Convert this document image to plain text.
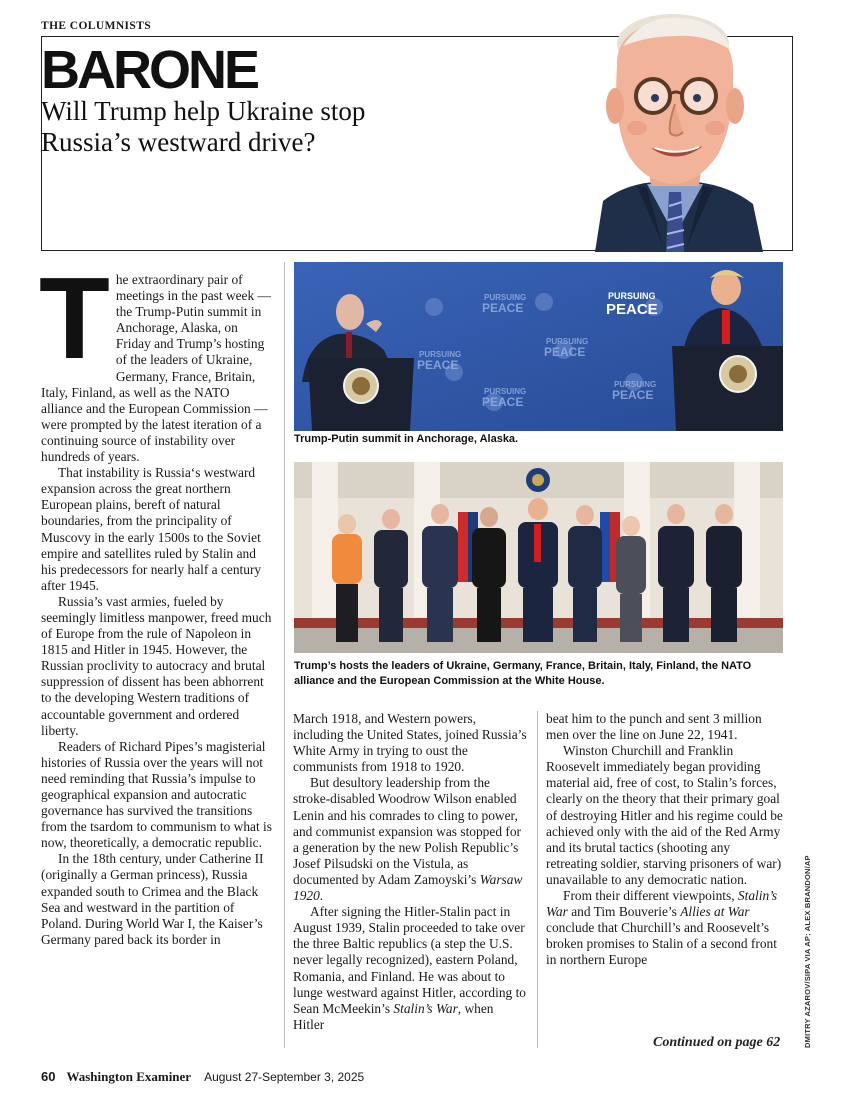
THE COLUMNISTS
BARONE
Will Trump help Ukraine stop Russia’s westward drive?
T he extraordinary pair of meetings in the past week — the Trump-Putin summit in Anchorage, Alaska, on Friday and Trump’s hosting of the leaders of Ukraine, Germany, France, Britain, Italy, Finland, as well as the NATO alliance and the European Commission — were prompted by the latest iteration of a continuing source of instability over hundreds of years.

That instability is Russia‘s westward expansion across the great northern European plains, bereft of natural boundaries, from the principality of Muscovy in the early 1500s to the Soviet empire and satellites ruled by Stalin and his predecessors for nearly half a century after 1945.

Russia’s vast armies, fueled by seemingly limitless manpower, freed much of Europe from the rule of Napoleon in 1815 and Hitler in 1945. However, the Russian proclivity to autocracy and brutal suppression of dissent has been abhorrent to the developing Western traditions of accountable government and ordered liberty.

Readers of Richard Pipes’s magisterial histories of Russia over the years will not need reminding that Russia’s impulse to geographical expansion and autocratic governance has survived the transitions from the tsardom to communism to what is now, theoretically, a democratic republic.

In the 18th century, under Catherine II (originally a German princess), Russia expanded south to Crimea and the Black Sea and westward in the partition of Poland. During World War I, the Kaiser’s Germany pared back its border in

PURSUING
PEACE
PURSUING
PEACE
PURSUING
PEACE
PURSUING
PEACE
PURSUING
PEACE
PURSUING
PEACE
Trump-Putin summit in Anchorage, Alaska.
Trump’s hosts the leaders of Ukraine, Germany, France, Britain, Italy, Finland, the NATO alliance and the European Commission at the White House.

March 1918, and Western powers, including the United States, joined Russia’s White Army in trying to oust the communists from 1918 to 1920.

But desultory leadership from the stroke-disabled Woodrow Wilson enabled Lenin and his comrades to cling to power, and communist expansion was stopped for a generation by the new Polish Republic’s Josef Pilsudski on the Vistula, as documented by Adam Zamoyski’s Warsaw 1920.

After signing the Hitler-Stalin pact in August 1939, Stalin proceeded to take over the three Baltic republics (a step the U.S. never legally recognized), eastern Poland, Romania, and Finland. He was about to lunge westward against Hitler, according to Sean McMeekin’s Stalin’s War, when Hitler

beat him to the punch and sent 3 million men over the line on June 22, 1941.

Winston Churchill and Franklin Roosevelt immediately began providing material aid, free of cost, to Stalin’s forces, clearly on the theory that their primary goal of destroying Hitler and his regime could be achieved only with the aid of the Red Army and its brutal tactics (shooting any retreating soldier, starving prisoners of war) unavailable to any democratic nation.

From their different viewpoints, Stalin’s War and Tim Bouverie’s Allies at War conclude that Churchill’s and Roosevelt’s broken promises to Stalin of a second front in northern Europe

Continued on page 62	DMITRY AZAROV/SIPA VIA AP; ALEX BRANDON/AP
60 Washington Examiner August 27-September 3, 2025
